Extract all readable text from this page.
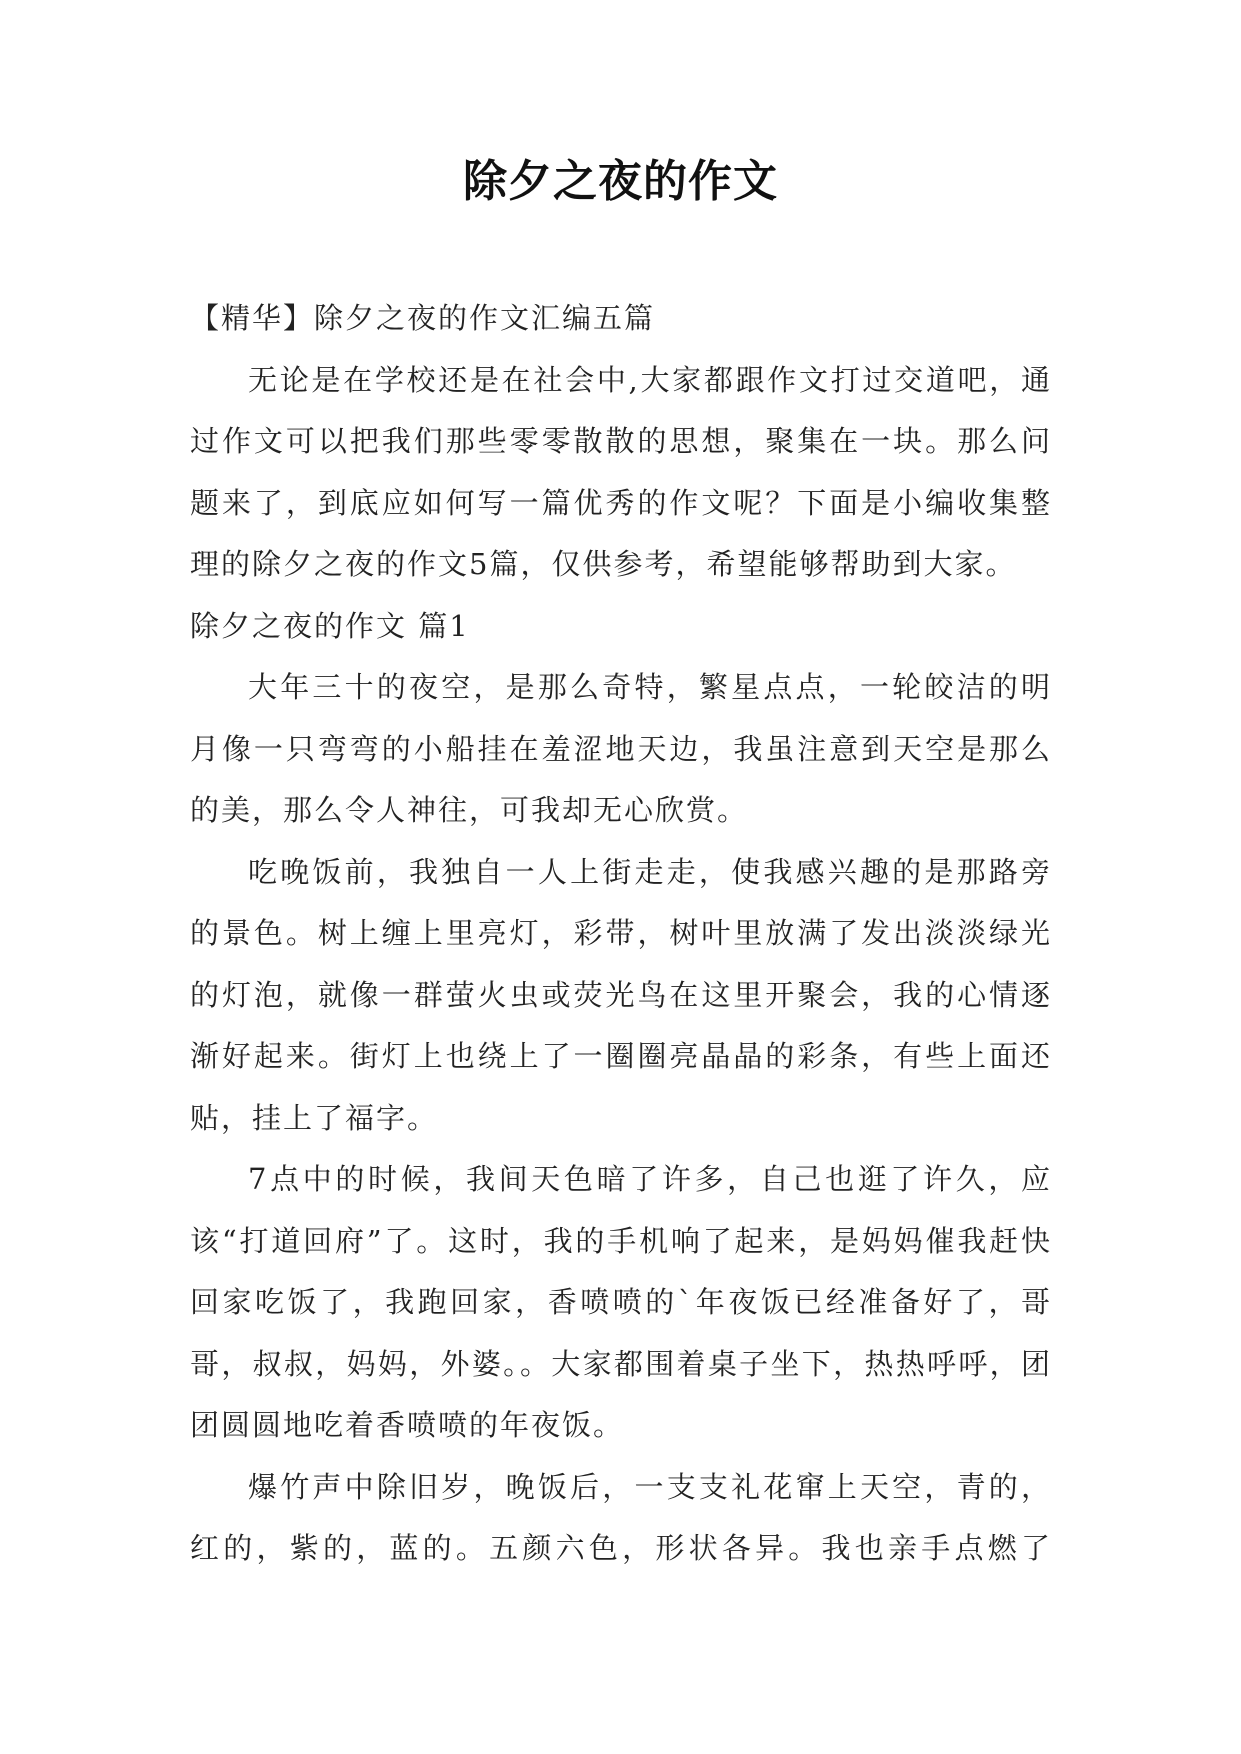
除夕之夜的作文

【精华】除夕之夜的作文汇编五篇

无论是在学校还是在社会中,大家都跟作文打过交道吧，通过作文可以把我们那些零零散散的思想，聚集在一块。那么问题来了，到底应如何写一篇优秀的作文呢？下面是小编收集整理的除夕之夜的作文5篇，仅供参考，希望能够帮助到大家。

除夕之夜的作文 篇1

大年三十的夜空，是那么奇特，繁星点点，一轮皎洁的明月像一只弯弯的小船挂在羞涩地天边，我虽注意到天空是那么的美，那么令人神往，可我却无心欣赏。

吃晚饭前，我独自一人上街走走，使我感兴趣的是那路旁的景色。树上缠上里亮灯，彩带，树叶里放满了发出淡淡绿光的灯泡，就像一群萤火虫或荧光鸟在这里开聚会，我的心情逐渐好起来。街灯上也绕上了一圈圈亮晶晶的彩条，有些上面还贴，挂上了福字。

7点中的时候，我间天色暗了许多，自己也逛了许久，应该“打道回府”了。这时，我的手机响了起来，是妈妈催我赶快回家吃饭了，我跑回家，香喷喷的`年夜饭已经准备好了，哥哥，叔叔，妈妈，外婆。。大家都围着桌子坐下，热热呼呼，团团圆圆地吃着香喷喷的年夜饭。

爆竹声中除旧岁，晚饭后，一支支礼花窜上天空，青的，红的，紫的，蓝的。五颜六色，形状各异。我也亲手点燃了
